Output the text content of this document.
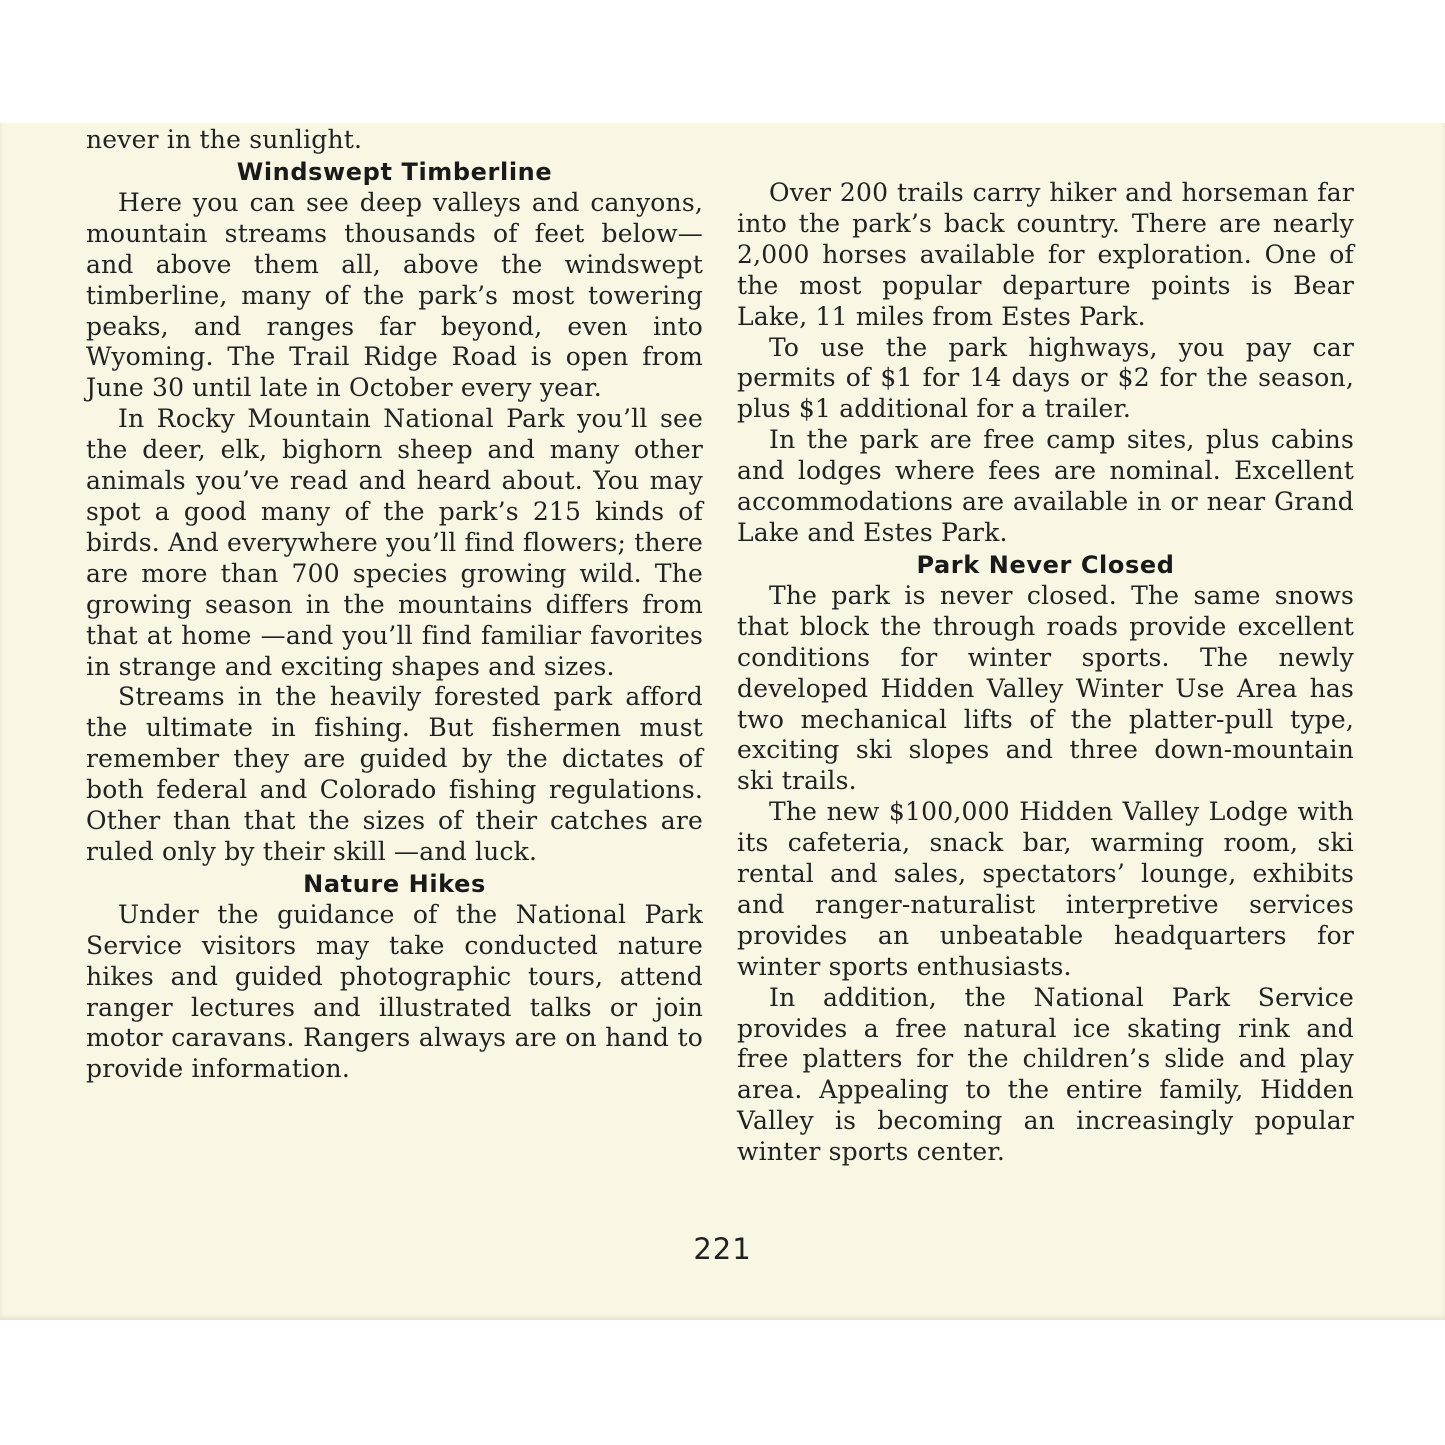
never in the sunlight.

Windswept Timberline

Here you can see deep valleys and canyons, mountain streams thousands of feet below—and above them all, above the windswept timberline, many of the park’s most towering peaks, and ranges far beyond, even into Wyoming. The Trail Ridge Road is open from June 30 until late in October every year.

In Rocky Mountain National Park you’ll see the deer, elk, bighorn sheep and many other animals you’ve read and heard about. You may spot a good many of the park’s 215 kinds of birds. And everywhere you’ll find flowers; there are more than 700 species growing wild. The growing season in the mountains differs from that at home —and you’ll find familiar favorites in strange and exciting shapes and sizes.

Streams in the heavily forested park afford the ultimate in fishing. But fishermen must remember they are guided by the dictates of both federal and Colorado fishing regulations. Other than that the sizes of their catches are ruled only by their skill —and luck.

Nature Hikes

Under the guidance of the National Park Service visitors may take conducted nature hikes and guided photographic tours, attend ranger lectures and illustrated talks or join motor caravans. Rangers always are on hand to provide information.

Over 200 trails carry hiker and horseman far into the park’s back country. There are nearly 2,000 horses available for exploration. One of the most popular departure points is Bear Lake, 11 miles from Estes Park.

To use the park highways, you pay car permits of $1 for 14 days or $2 for the season, plus $1 additional for a trailer.

In the park are free camp sites, plus cabins and lodges where fees are nominal. Excellent accommodations are available in or near Grand Lake and Estes Park.

Park Never Closed

The park is never closed. The same snows that block the through roads provide excellent conditions for winter sports. The newly developed Hidden Valley Winter Use Area has two mechanical lifts of the platter-pull type, exciting ski slopes and three down-mountain ski trails.

The new $100,000 Hidden Valley Lodge with its cafeteria, snack bar, warming room, ski rental and sales, spectators’ lounge, exhibits and ranger-naturalist interpretive services provides an unbeatable headquarters for winter sports enthusiasts.

In addition, the National Park Service provides a free natural ice skating rink and free platters for the children’s slide and play area. Appealing to the entire family, Hidden Valley is becoming an increasingly popular winter sports center.

221
